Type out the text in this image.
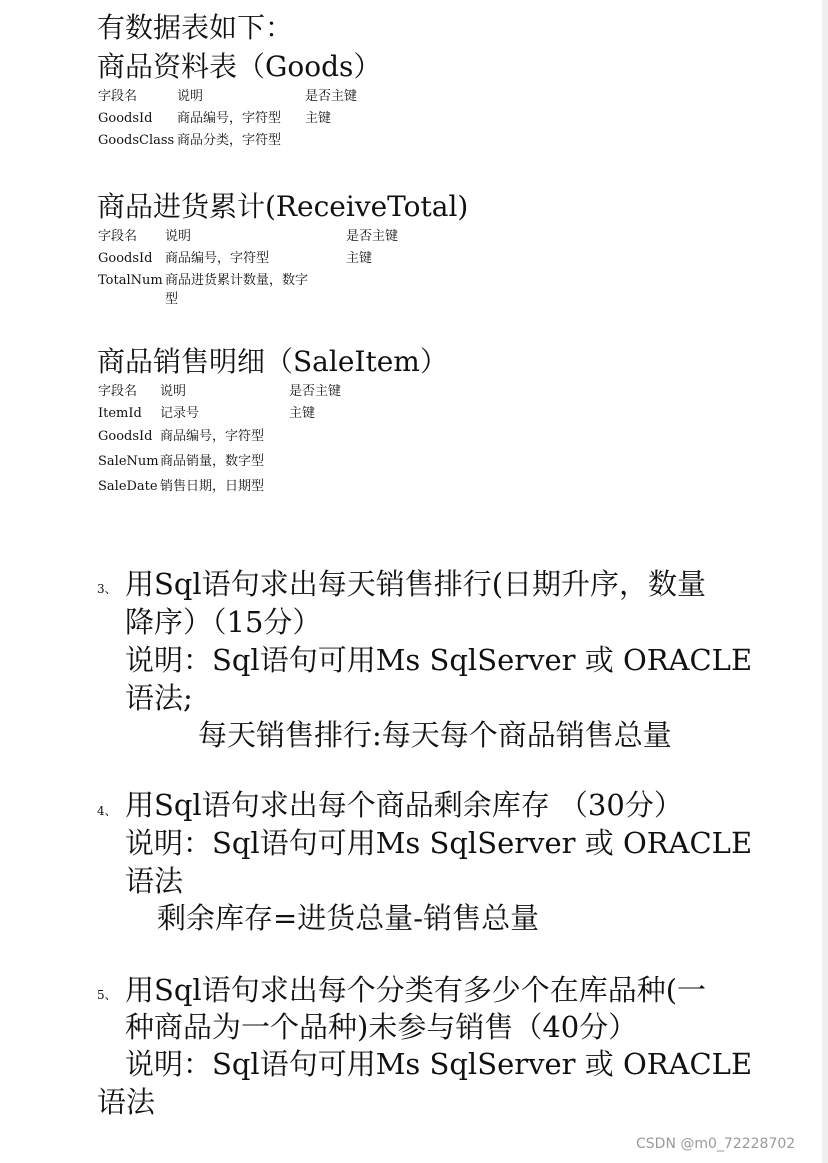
有数据表如下：
商品资料表（Goods）
字段名	说明	是否主键
GoodsId 商品编号，字符型 主键
GoodsClass 商品分类，字符型
商品进货累计(ReceiveTotal)
字段名 说明	是否主键
GoodsId 商品编号，字符型	主键
TotalNum 商品进货累计数量，数字
型
商品销售明细（SaleItem）
字段名 说明	是否主键
ItemId 记录号	主键
GoodsId 商品编号，字符型
SaleNum 商品销量，数字型
SaleDate 销售日期，日期型
3、 用Sql语句求出每天销售排行(日期升序，数量
降序）（15分）
说明：Sql语句可用Ms SqlServer 或 ORACLE
语法;
每天销售排行:每天每个商品销售总量
4、 用Sql语句求出每个商品剩余库存 （30分）
说明：Sql语句可用Ms SqlServer 或 ORACLE
语法
剩余库存=进货总量-销售总量
5、 用Sql语句求出每个分类有多少个在库品种(一
种商品为一个品种)未参与销售（40分）
说明：Sql语句可用Ms SqlServer 或 ORACLE
语法
CSDN @m0_72228702
